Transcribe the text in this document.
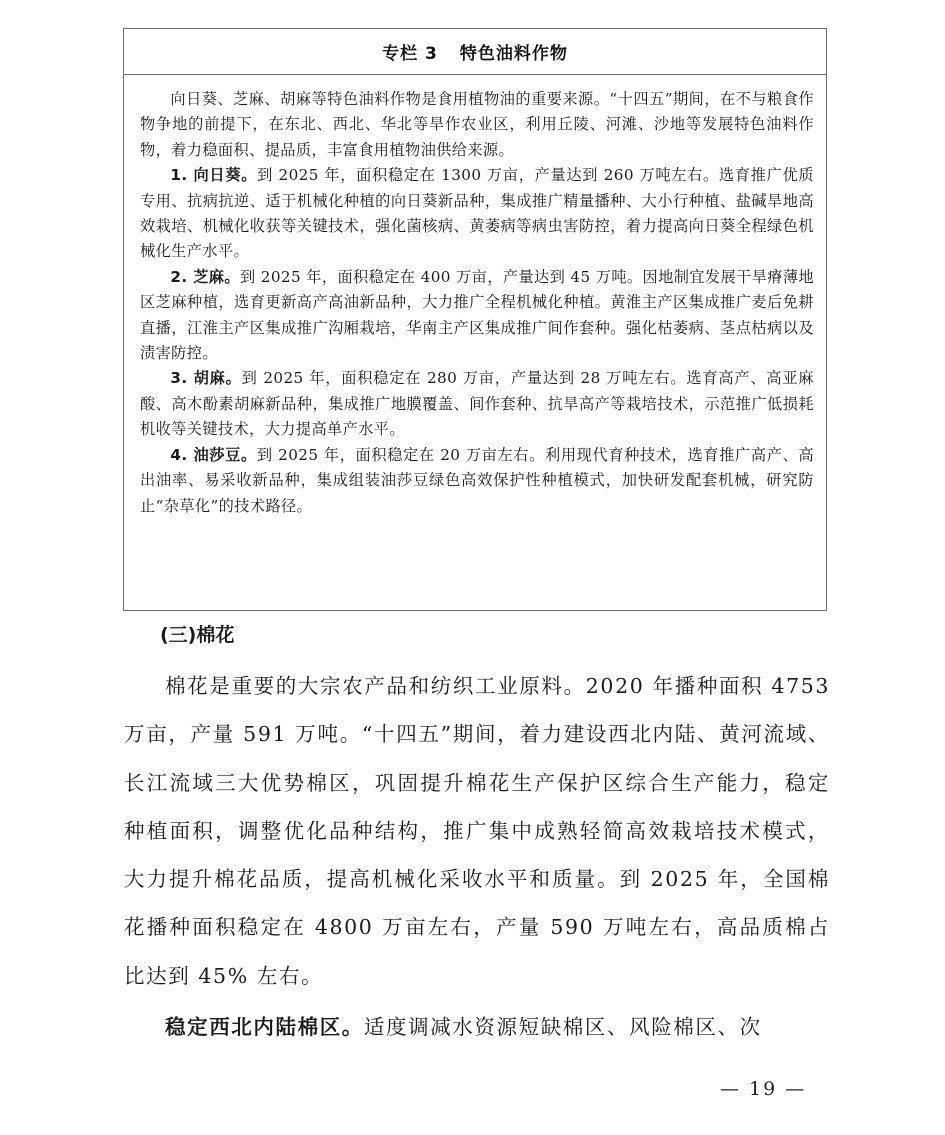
专栏 3 特色油料作物

向日葵、芝麻、胡麻等特色油料作物是食用植物油的重要来源。“十四五”期间，在不与粮食作物争地的前提下，在东北、西北、华北等旱作农业区，利用丘陵、河滩、沙地等发展特色油料作物，着力稳面积、提品质，丰富食用植物油供给来源。

1. 向日葵。到 2025 年，面积稳定在 1300 万亩，产量达到 260 万吨左右。选育推广优质专用、抗病抗逆、适于机械化种植的向日葵新品种，集成推广精量播种、大小行种植、盐碱旱地高效栽培、机械化收获等关键技术，强化菌核病、黄萎病等病虫害防控，着力提高向日葵全程绿色机械化生产水平。

2. 芝麻。到 2025 年，面积稳定在 400 万亩，产量达到 45 万吨。因地制宜发展干旱瘠薄地区芝麻种植，选育更新高产高油新品种，大力推广全程机械化种植。黄淮主产区集成推广麦后免耕直播，江淮主产区集成推广沟厢栽培，华南主产区集成推广间作套种。强化枯萎病、茎点枯病以及渍害防控。

3. 胡麻。到 2025 年，面积稳定在 280 万亩，产量达到 28 万吨左右。选育高产、高亚麻酸、高木酚素胡麻新品种，集成推广地膜覆盖、间作套种、抗旱高产等栽培技术，示范推广低损耗机收等关键技术，大力提高单产水平。

4. 油莎豆。到 2025 年，面积稳定在 20 万亩左右。利用现代育种技术，选育推广高产、高出油率、易采收新品种，集成组装油莎豆绿色高效保护性种植模式，加快研发配套机械，研究防止“杂草化”的技术路径。

(三)棉花

棉花是重要的大宗农产品和纺织工业原料。2020 年播种面积 4753 万亩，产量 591 万吨。“十四五”期间，着力建设西北内陆、黄河流域、长江流域三大优势棉区，巩固提升棉花生产保护区综合生产能力，稳定种植面积，调整优化品种结构，推广集中成熟轻简高效栽培技术模式，大力提升棉花品质，提高机械化采收水平和质量。到 2025 年，全国棉花播种面积稳定在 4800 万亩左右，产量 590 万吨左右，高品质棉占比达到 45% 左右。

稳定西北内陆棉区。适度调减水资源短缺棉区、风险棉区、次

— 19 —
